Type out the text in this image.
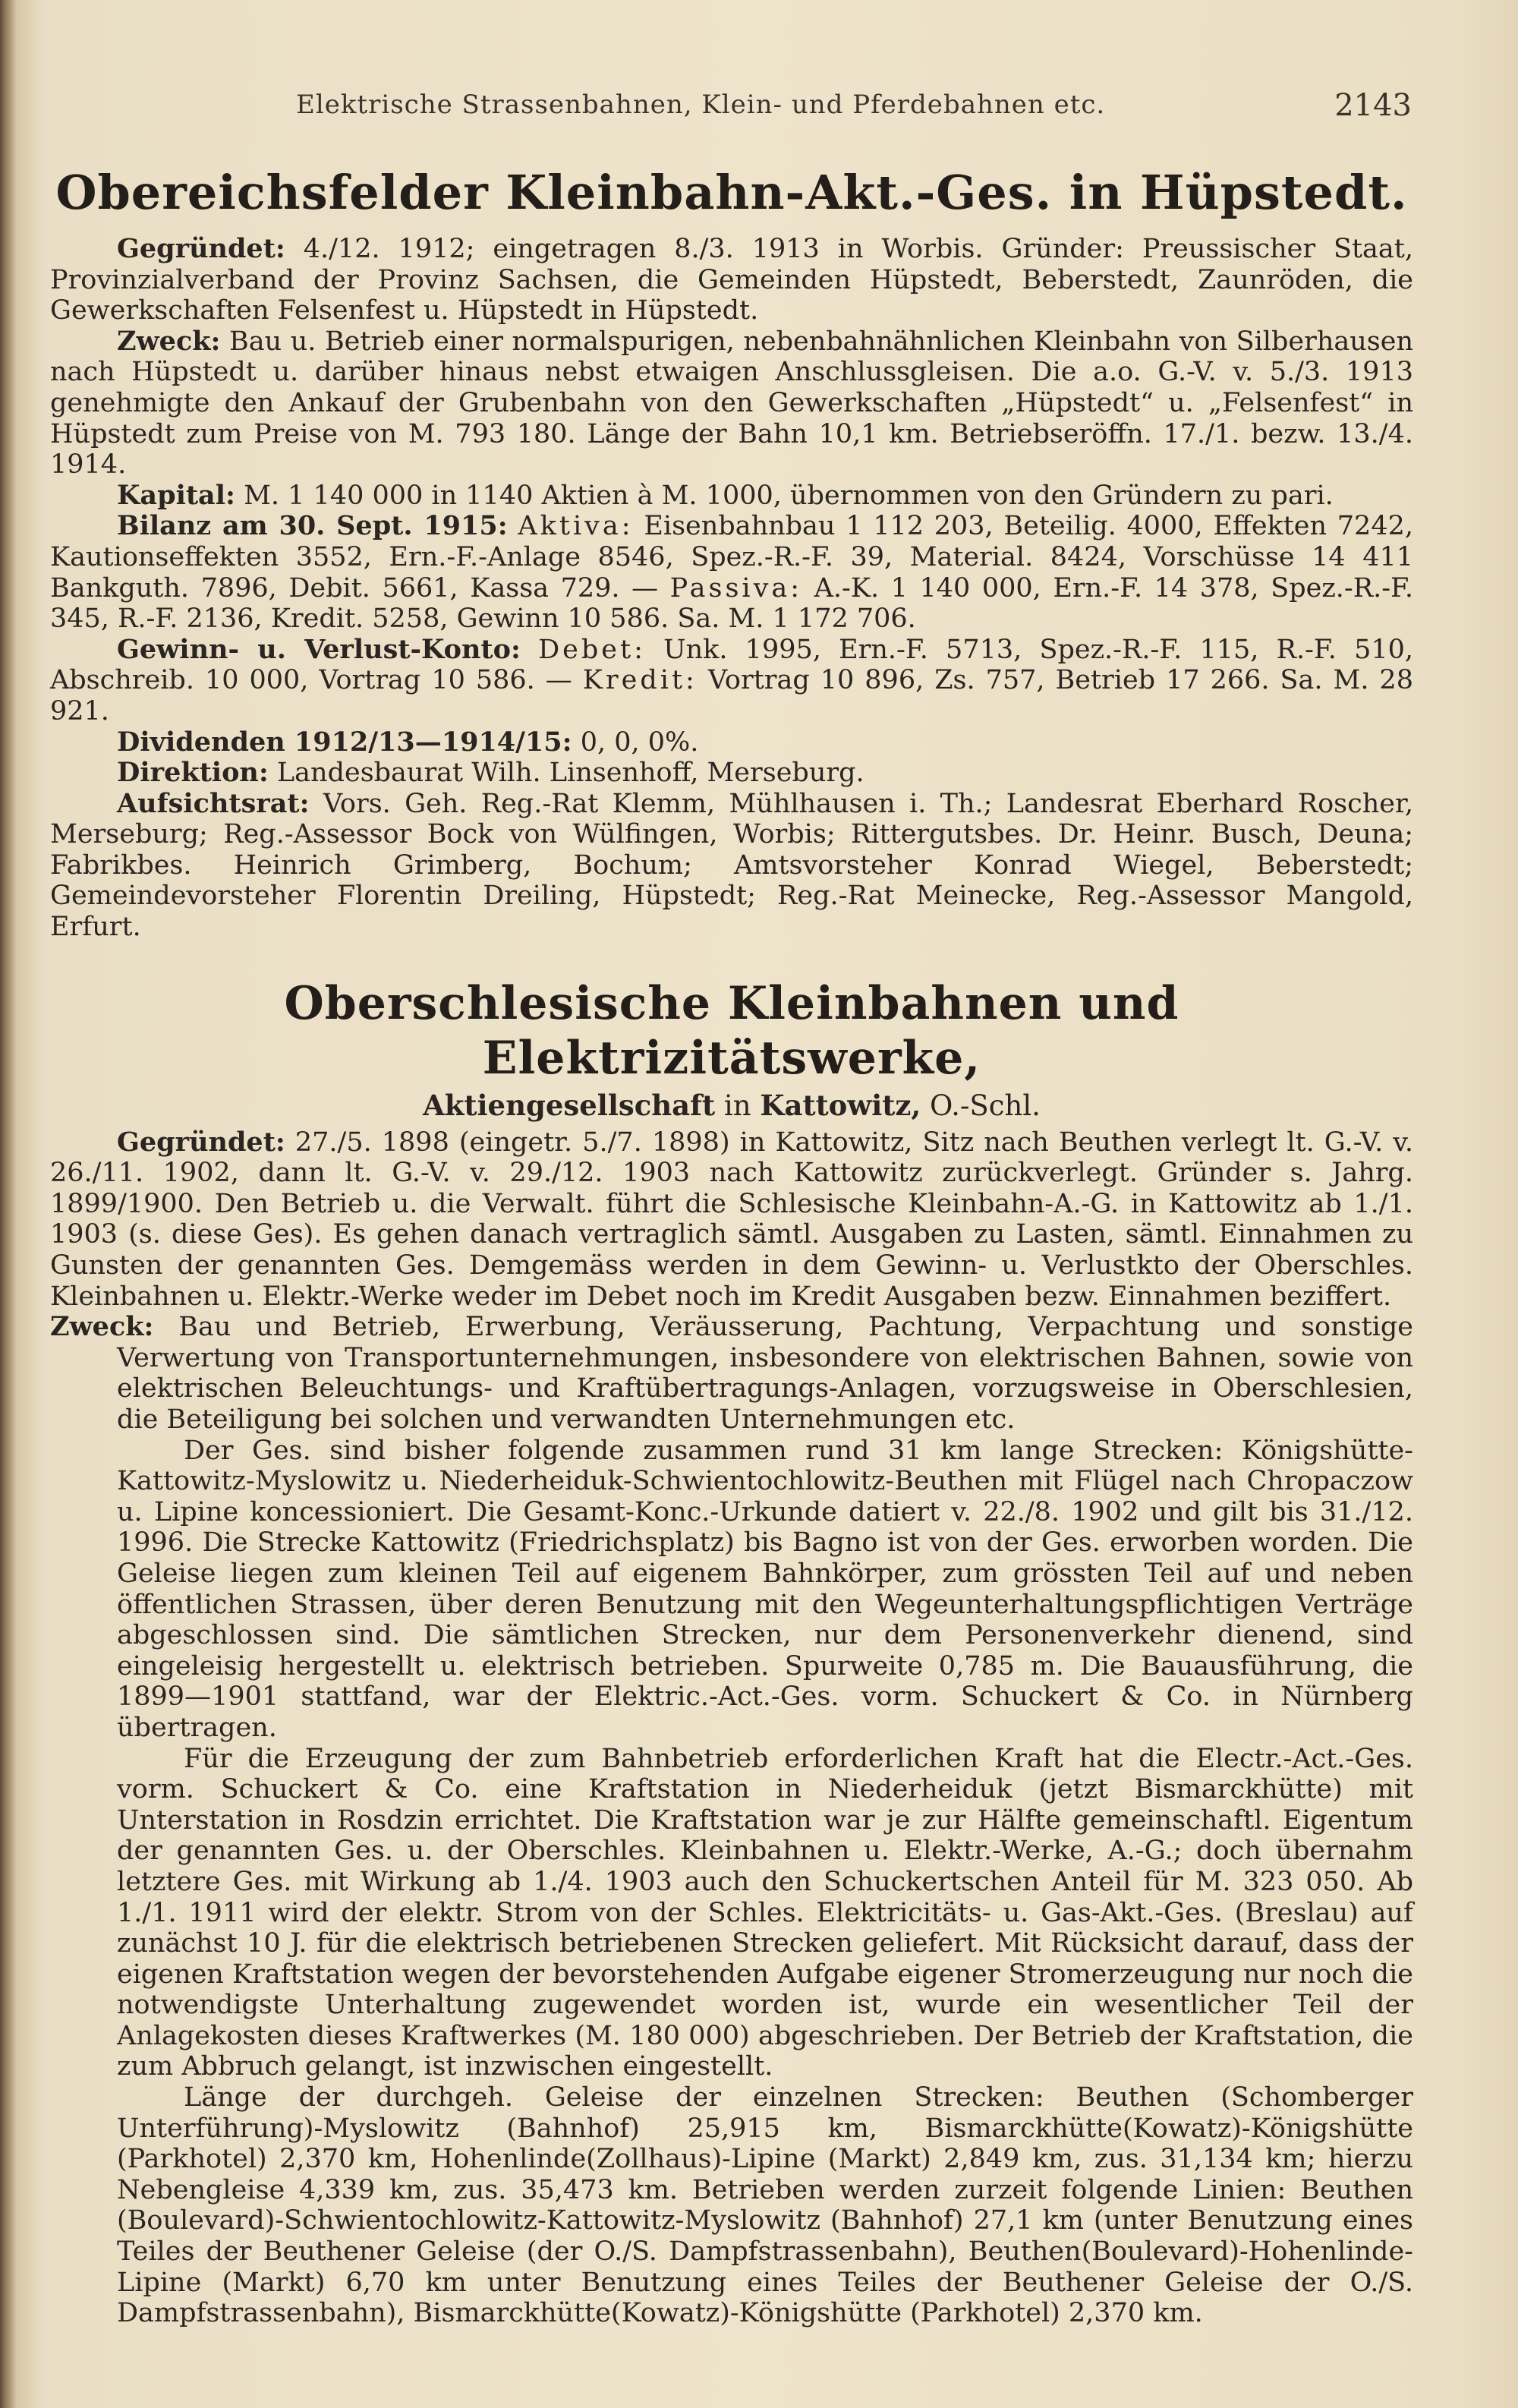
Elektrische Strassenbahnen, Klein- und Pferdebahnen etc.	2143
Obereichsfelder Kleinbahn-Akt.-Ges. in Hüpstedt.

Gegründet: 4./12. 1912; eingetragen 8./3. 1913 in Worbis. Gründer: Preussischer Staat, Provinzialverband der Provinz Sachsen, die Gemeinden Hüpstedt, Beberstedt, Zaunröden, die Gewerkschaften Felsenfest u. Hüpstedt in Hüpstedt.

Zweck: Bau u. Betrieb einer normalspurigen, nebenbahnähnlichen Kleinbahn von Silberhausen nach Hüpstedt u. darüber hinaus nebst etwaigen Anschlussgleisen. Die a.o. G.-V. v. 5./3. 1913 genehmigte den Ankauf der Grubenbahn von den Gewerkschaften „Hüpstedt“ u. „Felsenfest“ in Hüpstedt zum Preise von M. 793 180. Länge der Bahn 10,1 km. Betriebseröffn. 17./1. bezw. 13./4. 1914.

Kapital: M. 1 140 000 in 1140 Aktien à M. 1000, übernommen von den Gründern zu pari.

Bilanz am 30. Sept. 1915: Aktiva: Eisenbahnbau 1 112 203, Beteilig. 4000, Effekten 7242, Kautionseffekten 3552, Ern.-F.-Anlage 8546, Spez.-R.-F. 39, Material. 8424, Vorschüsse 14 411 Bankguth. 7896, Debit. 5661, Kassa 729. — Passiva: A.-K. 1 140 000, Ern.-F. 14 378, Spez.-R.-F. 345, R.-F. 2136, Kredit. 5258, Gewinn 10 586. Sa. M. 1 172 706.

Gewinn- u. Verlust-Konto: Debet: Unk. 1995, Ern.-F. 5713, Spez.-R.-F. 115, R.-F. 510, Abschreib. 10 000, Vortrag 10 586. — Kredit: Vortrag 10 896, Zs. 757, Betrieb 17 266. Sa. M. 28 921.

Dividenden 1912/13—1914/15: 0, 0, 0%.

Direktion: Landesbaurat Wilh. Linsenhoff, Merseburg.

Aufsichtsrat: Vors. Geh. Reg.-Rat Klemm, Mühlhausen i. Th.; Landesrat Eberhard Roscher, Merseburg; Reg.-Assessor Bock von Wülfingen, Worbis; Rittergutsbes. Dr. Heinr. Busch, Deuna; Fabrikbes. Heinrich Grimberg, Bochum; Amtsvorsteher Konrad Wiegel, Beberstedt; Gemeindevorsteher Florentin Dreiling, Hüpstedt; Reg.-Rat Meinecke, Reg.-Assessor Mangold, Erfurt.

Oberschlesische Kleinbahnen und Elektrizitätswerke,
Aktiengesellschaft in Kattowitz, O.-Schl.

Gegründet: 27./5. 1898 (eingetr. 5./7. 1898) in Kattowitz, Sitz nach Beuthen verlegt lt. G.-V. v. 26./11. 1902, dann lt. G.-V. v. 29./12. 1903 nach Kattowitz zurückverlegt. Gründer s. Jahrg. 1899/1900. Den Betrieb u. die Verwalt. führt die Schlesische Kleinbahn-A.-G. in Kattowitz ab 1./1. 1903 (s. diese Ges). Es gehen danach vertraglich sämtl. Ausgaben zu Lasten, sämtl. Einnahmen zu Gunsten der genannten Ges. Demgemäss werden in dem Gewinn- u. Verlustkto der Oberschles. Kleinbahnen u. Elektr.-Werke weder im Debet noch im Kredit Ausgaben bezw. Einnahmen beziffert.

Zweck: Bau und Betrieb, Erwerbung, Veräusserung, Pachtung, Verpachtung und sonstige Verwertung von Transportunternehmungen, insbesondere von elektrischen Bahnen, sowie von elektrischen Beleuchtungs- und Kraftübertragungs-Anlagen, vorzugsweise in Oberschlesien, die Beteiligung bei solchen und verwandten Unternehmungen etc.

Der Ges. sind bisher folgende zusammen rund 31 km lange Strecken: Königshütte-Kattowitz-Myslowitz u. Niederheiduk-Schwientochlowitz-Beuthen mit Flügel nach Chropaczow u. Lipine koncessioniert. Die Gesamt-Konc.-Urkunde datiert v. 22./8. 1902 und gilt bis 31./12. 1996. Die Strecke Kattowitz (Friedrichsplatz) bis Bagno ist von der Ges. erworben worden. Die Geleise liegen zum kleinen Teil auf eigenem Bahnkörper, zum grössten Teil auf und neben öffentlichen Strassen, über deren Benutzung mit den Wegeunterhaltungspflichtigen Verträge abgeschlossen sind. Die sämtlichen Strecken, nur dem Personenverkehr dienend, sind eingeleisig hergestellt u. elektrisch betrieben. Spurweite 0,785 m. Die Bauausführung, die 1899—1901 stattfand, war der Elektric.-Act.-Ges. vorm. Schuckert & Co. in Nürnberg übertragen.

Für die Erzeugung der zum Bahnbetrieb erforderlichen Kraft hat die Electr.-Act.-Ges. vorm. Schuckert & Co. eine Kraftstation in Niederheiduk (jetzt Bismarckhütte) mit Unterstation in Rosdzin errichtet. Die Kraftstation war je zur Hälfte gemeinschaftl. Eigentum der genannten Ges. u. der Oberschles. Kleinbahnen u. Elektr.-Werke, A.-G.; doch übernahm letztere Ges. mit Wirkung ab 1./4. 1903 auch den Schuckertschen Anteil für M. 323 050. Ab 1./1. 1911 wird der elektr. Strom von der Schles. Elektricitäts- u. Gas-Akt.-Ges. (Breslau) auf zunächst 10 J. für die elektrisch betriebenen Strecken geliefert. Mit Rücksicht darauf, dass der eigenen Kraftstation wegen der bevorstehenden Aufgabe eigener Stromerzeugung nur noch die notwendigste Unterhaltung zugewendet worden ist, wurde ein wesentlicher Teil der Anlagekosten dieses Kraftwerkes (M. 180 000) abgeschrieben. Der Betrieb der Kraftstation, die zum Abbruch gelangt, ist inzwischen eingestellt.

Länge der durchgeh. Geleise der einzelnen Strecken: Beuthen (Schomberger Unterführung)-Myslowitz (Bahnhof) 25,915 km, Bismarckhütte(Kowatz)-Königshütte (Parkhotel) 2,370 km, Hohenlinde(Zollhaus)-Lipine (Markt) 2,849 km, zus. 31,134 km; hierzu Nebengleise 4,339 km, zus. 35,473 km. Betrieben werden zurzeit folgende Linien: Beuthen (Boulevard)-Schwientochlowitz-Kattowitz-Myslowitz (Bahnhof) 27,1 km (unter Benutzung eines Teiles der Beuthener Geleise (der O./S. Dampfstrassenbahn), Beuthen(Boulevard)-Hohenlinde-Lipine (Markt) 6,70 km unter Benutzung eines Teiles der Beuthener Geleise der O./S. Dampfstrassenbahn), Bismarckhütte(Kowatz)-Königshütte (Parkhotel) 2,370 km.
